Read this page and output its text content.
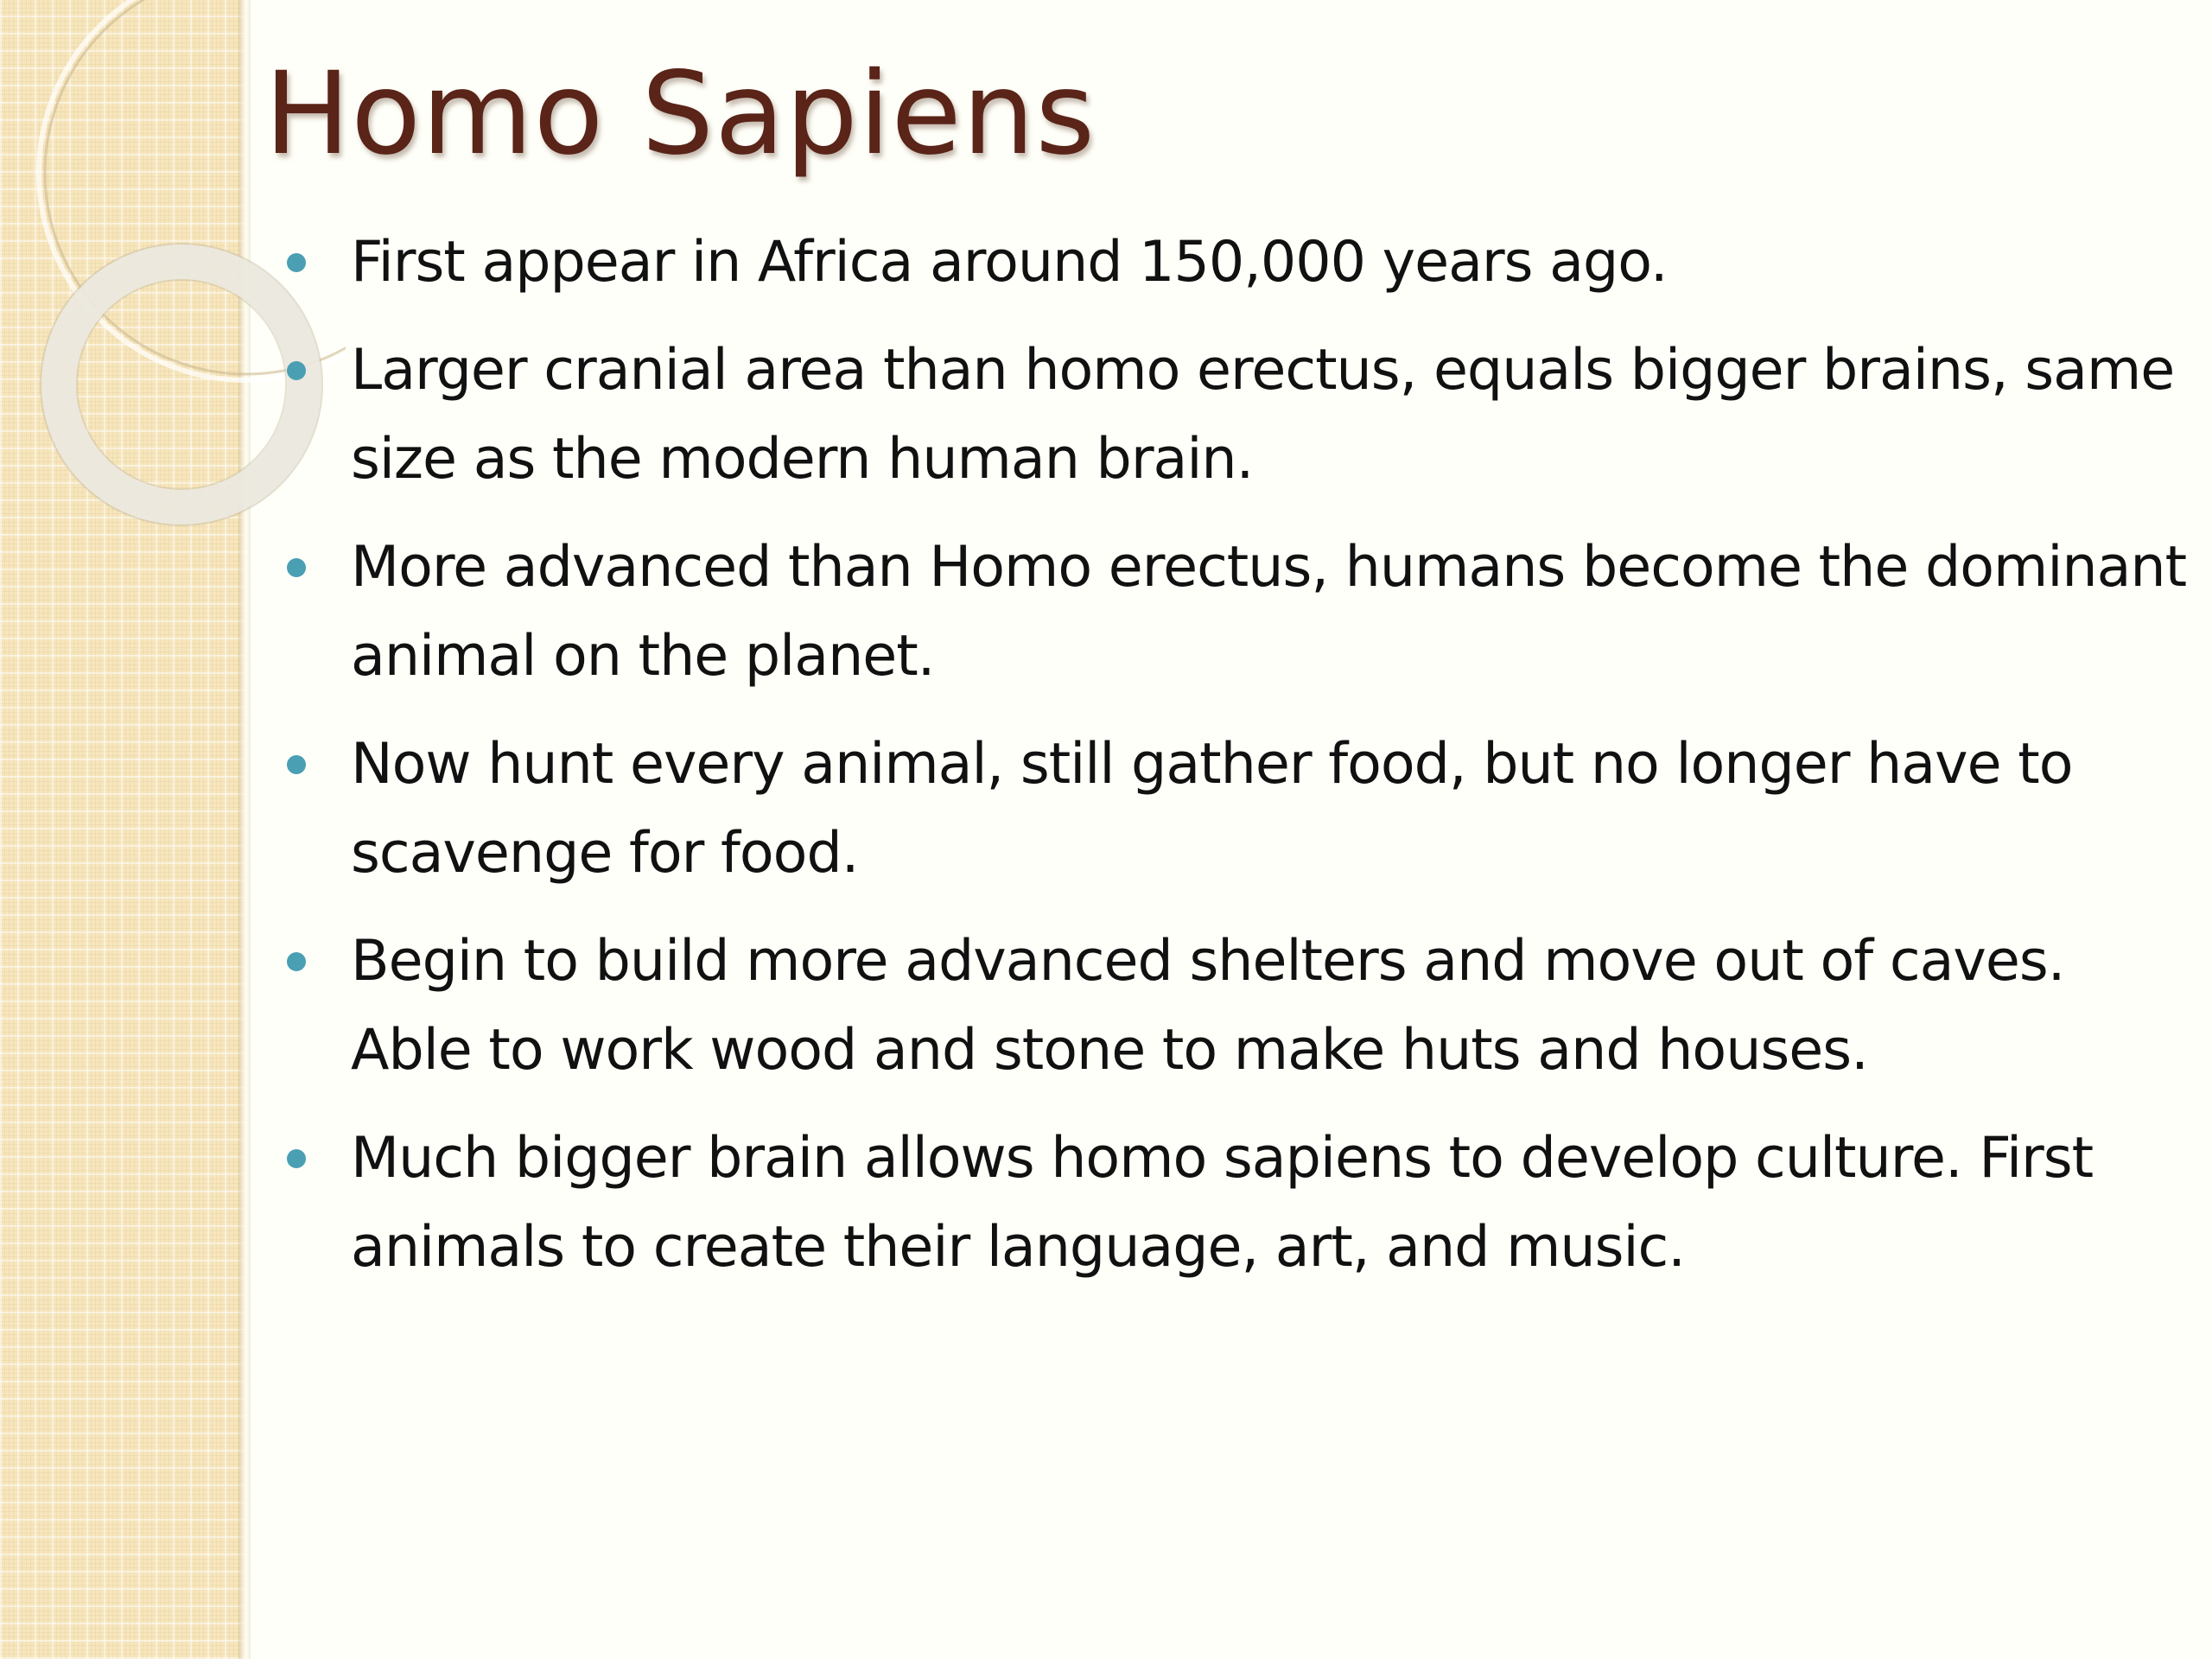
Homo Sapiens
First appear in Africa around 150,000 years ago.
Larger cranial area than homo erectus, equals bigger brains, same size as the modern human brain.
More advanced than Homo erectus, humans become the dominant animal on the planet.
Now hunt every animal, still gather food, but no longer have to scavenge for food.
Begin to build more advanced shelters and move out of caves. Able to work wood and stone to make huts and houses.
Much bigger brain allows homo sapiens to develop culture. First animals to create their language, art, and music.
